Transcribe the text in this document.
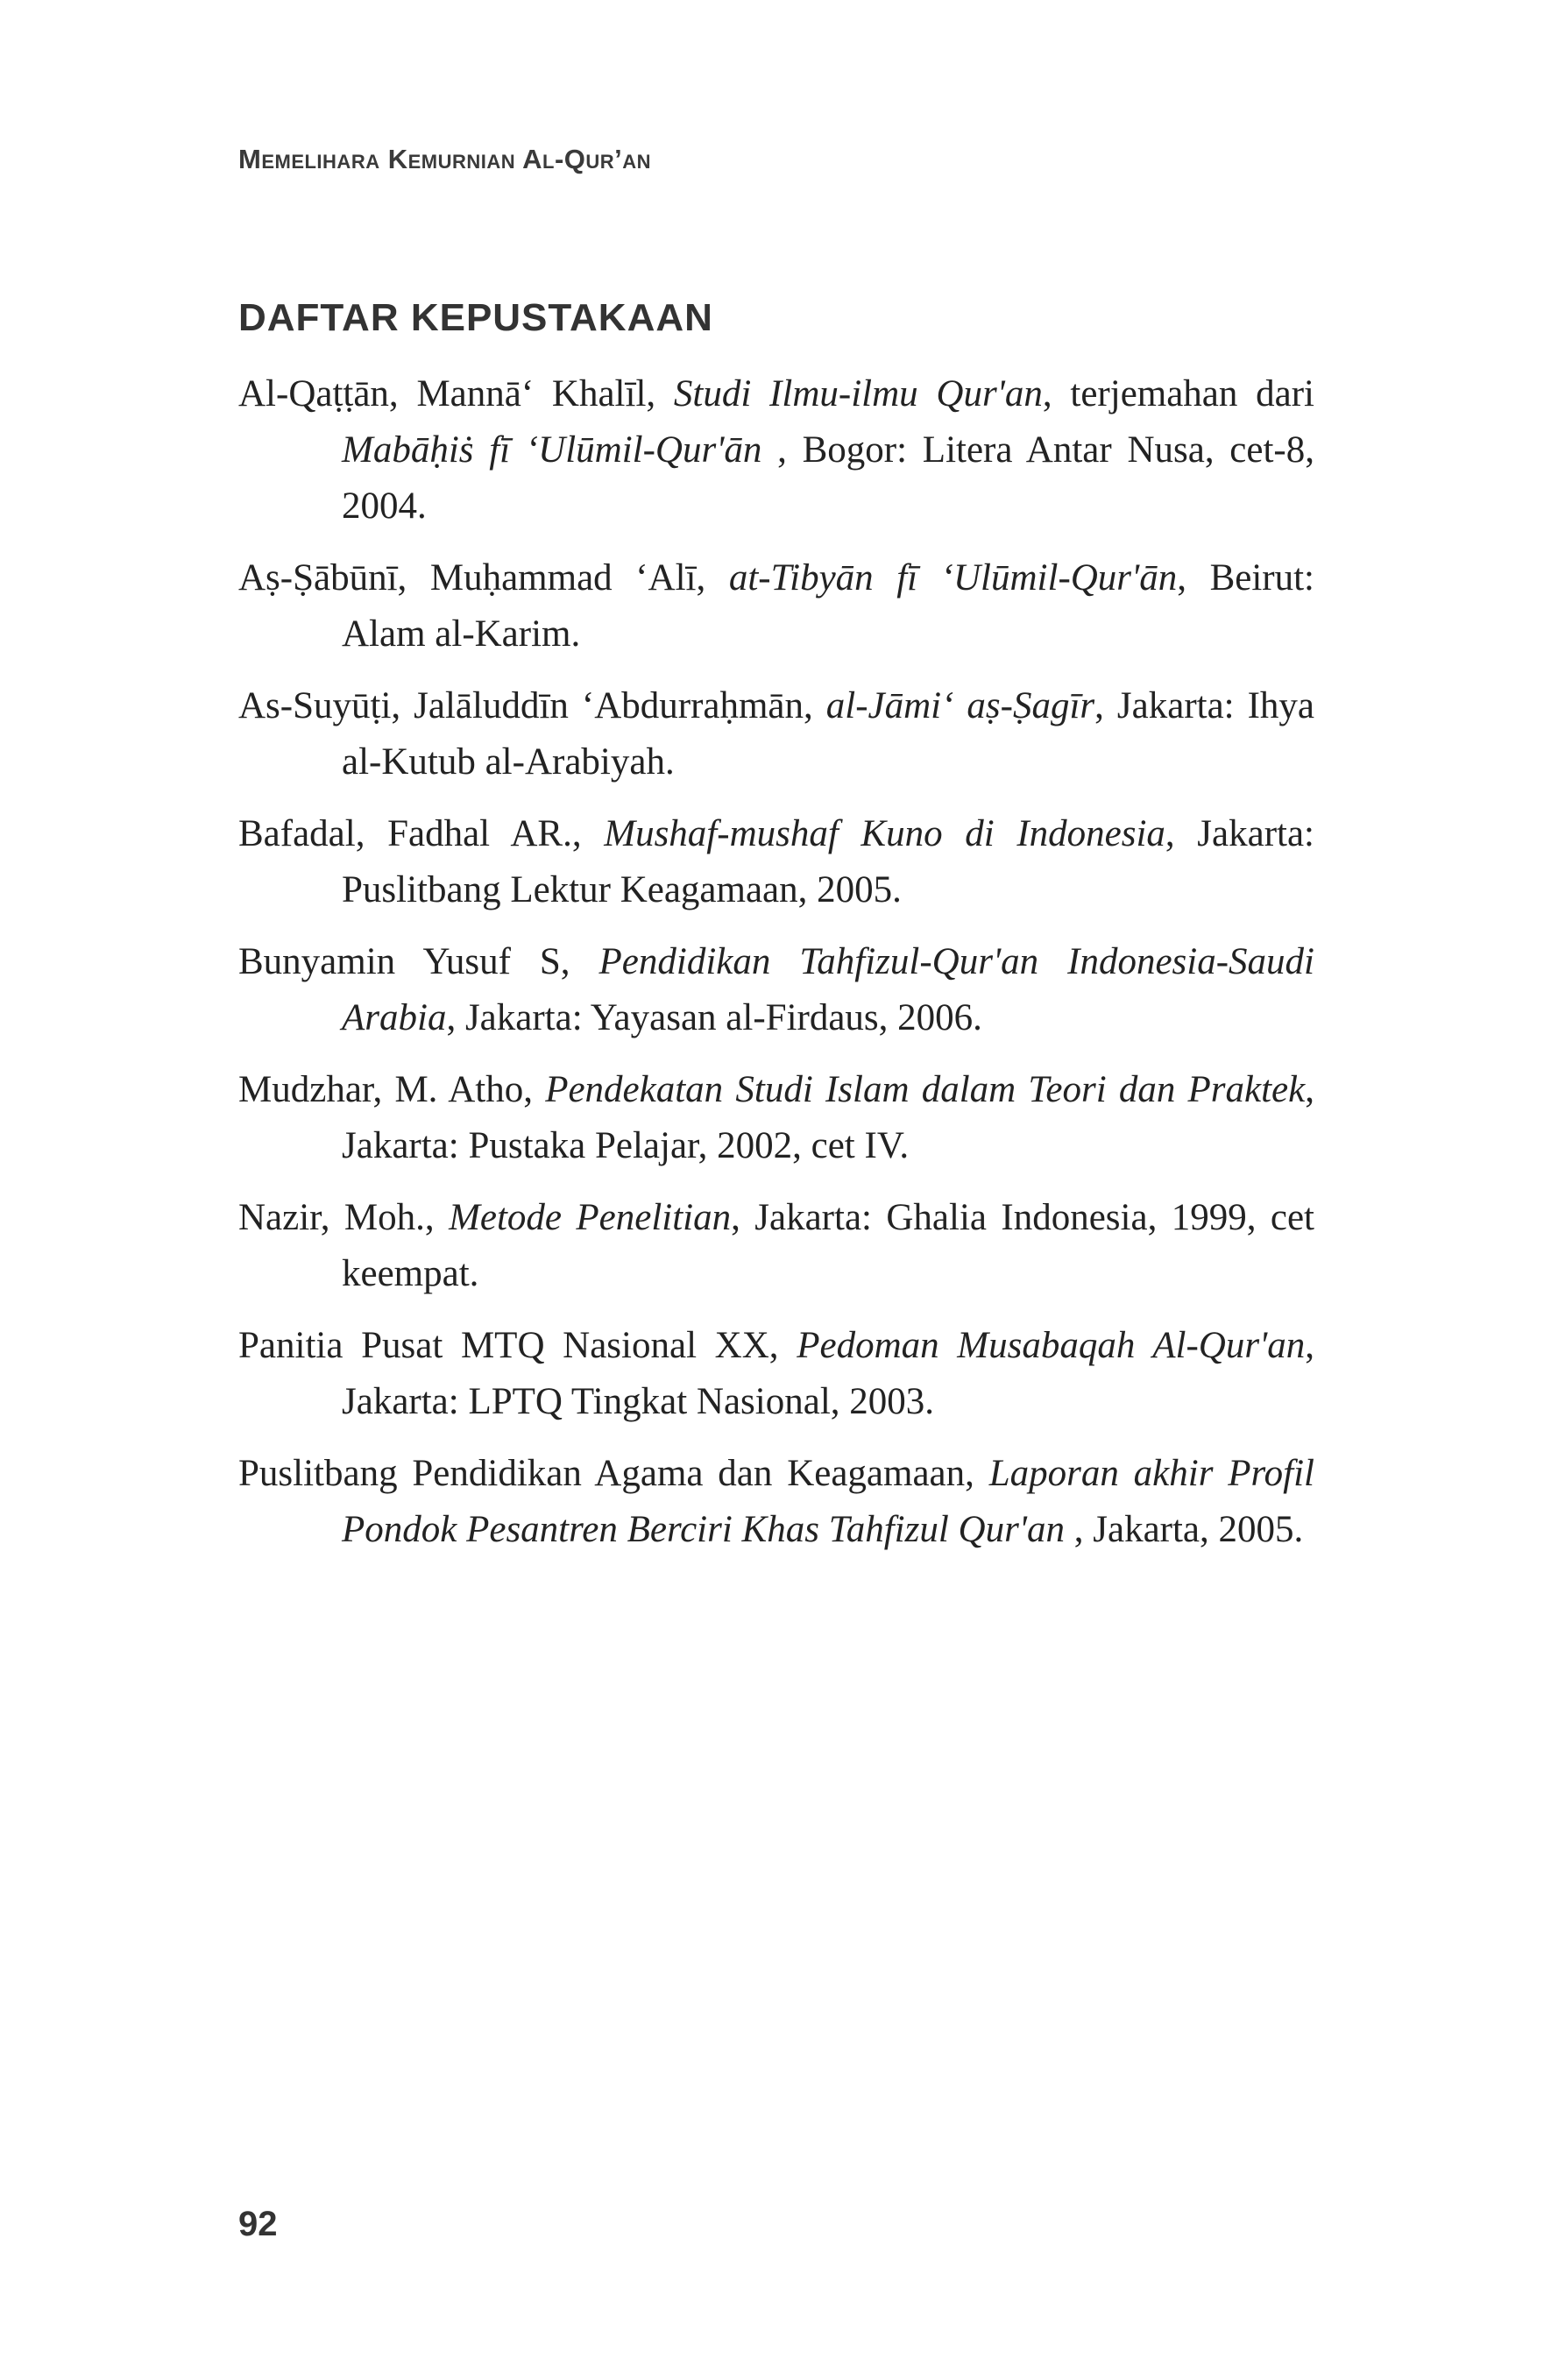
Memelihara Kemurnian Al-Qur’an
DAFTAR KEPUSTAKAAN
Al-Qaṭṭān, Mannā‘ Khalīl, Studi Ilmu-ilmu Qur'an, terjemahan dari Mabāḥiṡ fī ‘Ulūmil-Qur'ān , Bogor: Litera Antar Nusa, cet-8, 2004.
Aṣ-Ṣābūnī, Muḥammad ‘Alī, at-Tibyān fī ‘Ulūmil-Qur'ān, Beirut: Alam al-Karim.
As-Suyūṭi, Jalāluddīn ‘Abdurraḥmān, al-Jāmi‘ aṣ-Ṣagīr, Jakarta: Ihya al-Kutub al-Arabiyah.
Bafadal, Fadhal AR., Mushaf-mushaf Kuno di Indonesia, Jakarta: Puslitbang Lektur Keagamaan, 2005.
Bunyamin Yusuf S, Pendidikan Tahfizul-Qur'an Indonesia-Saudi Arabia, Jakarta: Yayasan al-Firdaus, 2006.
Mudzhar, M. Atho, Pendekatan Studi Islam dalam Teori dan Praktek, Jakarta: Pustaka Pelajar, 2002, cet IV.
Nazir, Moh., Metode Penelitian, Jakarta: Ghalia Indonesia, 1999, cet keempat.
Panitia Pusat MTQ Nasional XX, Pedoman Musabaqah Al-Qur'an, Jakarta: LPTQ Tingkat Nasional, 2003.
Puslitbang Pendidikan Agama dan Keagamaan, Laporan akhir Profil Pondok Pesantren Berciri Khas Tahfizul Qur'an , Jakarta, 2005.
92
